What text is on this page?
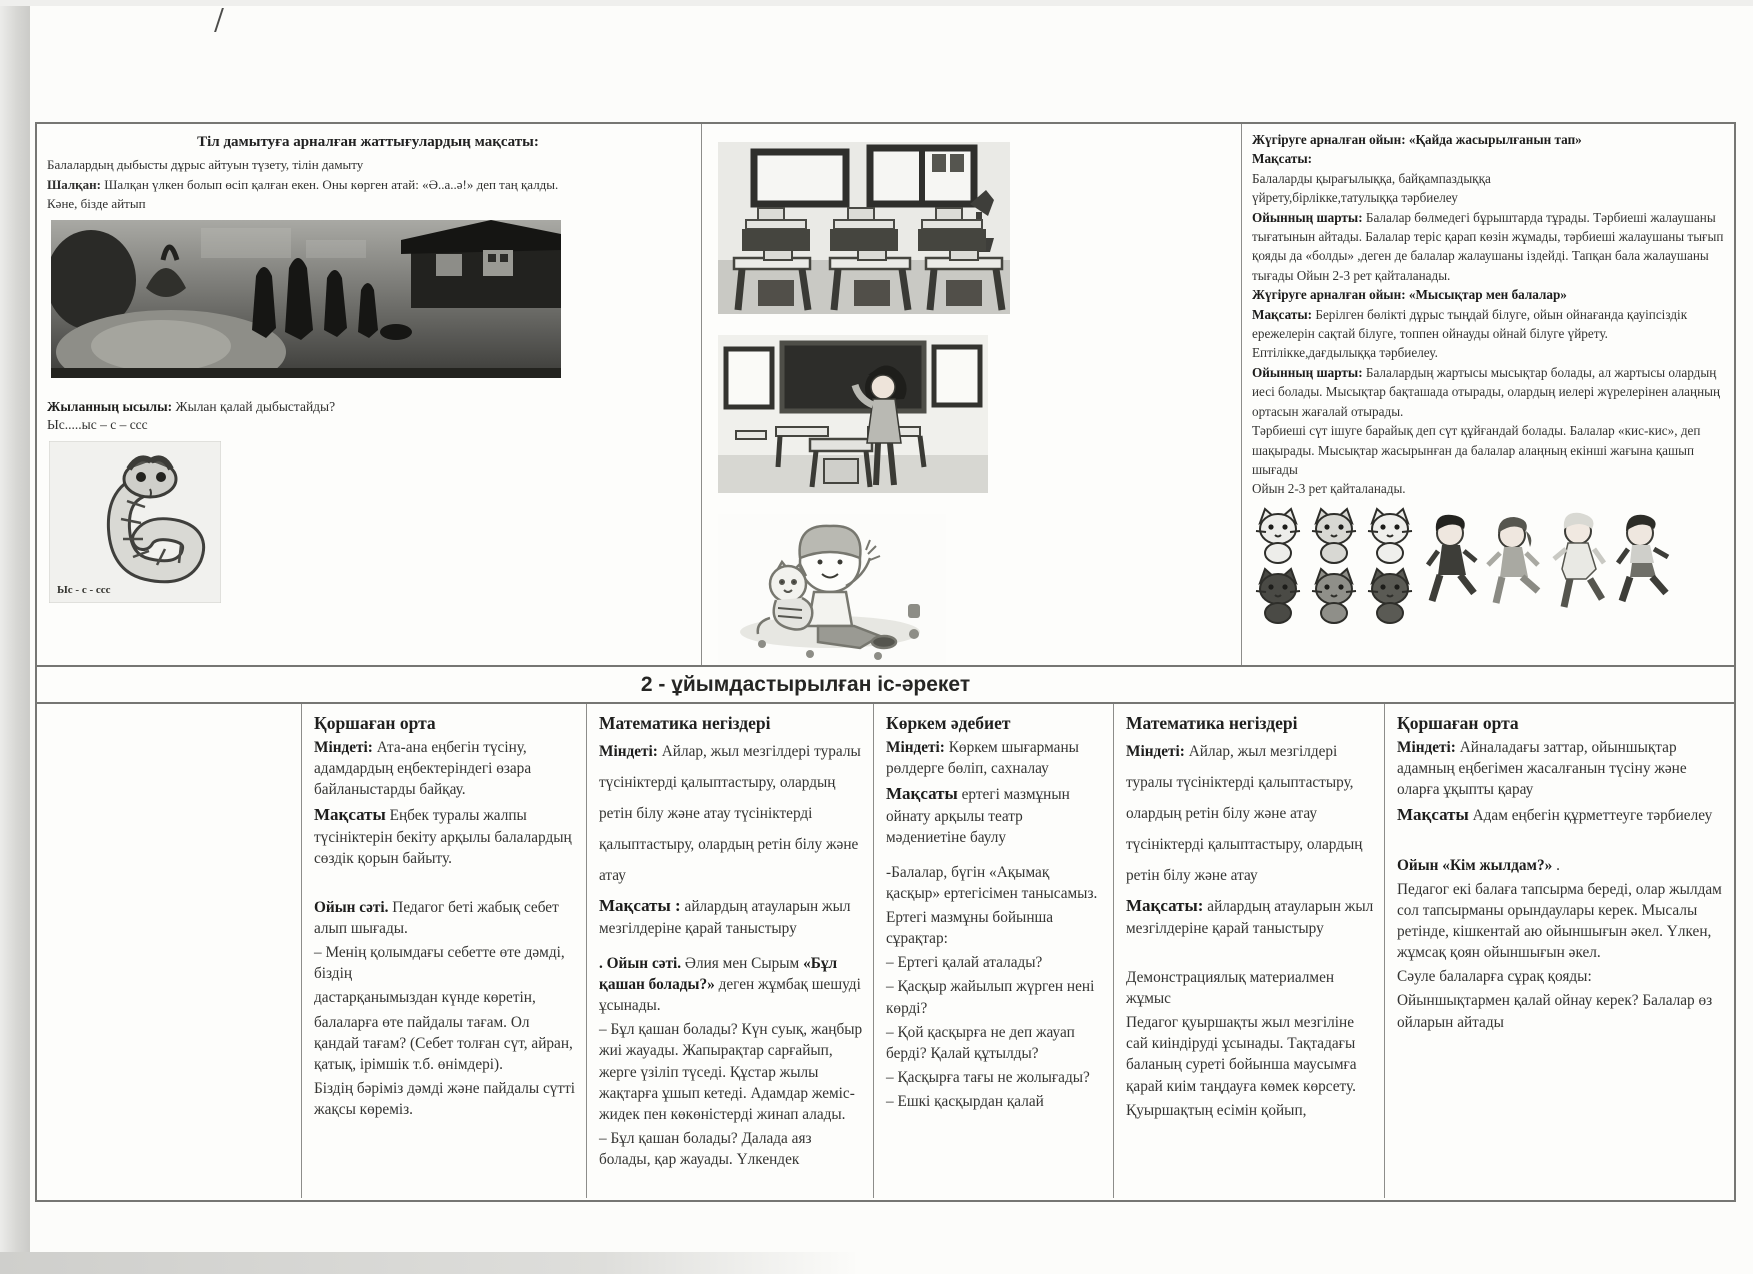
Тіл дамытуға арналған жаттығулардың мақсаты:

Балалардың дыбысты дұрыс айтуын түзету, тілін дамыту

Шалқан: Шалқан үлкен болып өсіп қалған екен. Оны көрген атай: «Ә..а..ә!» деп таң қалды.

Кәне, бізде айтып

Жыланның ысылы: Жылан қалай дыбыстайды?

Ыс.....ыс – с – ссс

Ыс - с - ссс

Жүгіруге арналған ойын: «Қайда жасырылғанын тап»

Мақсаты:

Балаларды қырағылыққа, байқампаздыққа

үйрету,бірлікке,татулыққа тәрбиелеу

Ойынның шарты: Балалар бөлмедегі бұрыштарда тұрады. Тәрбиеші жалаушаны тығатынын айтады. Балалар теріс қарап көзін жұмады, тәрбиеші жалаушаны тығып қояды да «болды» ,деген де балалар жалаушаны іздейді. Тапқан бала жалаушаны тығады Ойын 2-3 рет қайталанады.

Жүгіруге арналған ойын: «Мысықтар мен балалар»

Мақсаты: Берілген бөлікті дұрыс тыңдай білуге, ойын ойнағанда қауіпсіздік ережелерін сақтай білуге, топпен ойнауды ойнай білуге үйрету. Ептілікке,дағдылыққа тәрбиелеу.

Ойынның шарты: Балалардың жартысы мысықтар болады, ал жартысы олардың иесі болады. Мысықтар бақташада отырады, олардың иелері жүрелерінен алаңның ортасын жағалай отырады.

Тәрбиеші сүт ішуге барайық деп сүт құйғандай болады. Балалар «кис-кис», деп шақырады. Мысықтар жасырынған да балалар алаңның екінші жағына қашып шығады

Ойын 2-3 рет қайталанады.

2 - ұйымдастырылған іс-әрекет
Қоршаған орта

Міндеті: Ата-ана еңбегін түсіну, адамдардың еңбектеріндегі өзара байланыстарды байқау.

Мақсаты Еңбек туралы жалпы түсініктерін бекіту арқылы балалардың сөздік қорын байыту.

Ойын сәті. Педагог беті жабық себет алып шығады.

– Менің қолымдағы себетте өте дәмді, біздің

дастарқанымыздан күнде көретін,

балаларға өте пайдалы тағам. Ол қандай тағам? (Себет толған сүт, айран, қатық, ірімшік т.б. өнімдері).

Біздің бәріміз дәмді және пайдалы сүтті жақсы көреміз.

Математика негіздері

Міндеті: Айлар, жыл мезгілдері туралы түсініктерді қалыптастыру, олардың ретін білу және атау түсініктерді қалыптастыру, олардың ретін білу және атау

Мақсаты : айлардың атауларын жыл мезгілдеріне қарай таныстыру

. Ойын сәті. Әлия мен Сырым «Бұл қашан болады?» деген жұмбақ шешуді ұсынады.

– Бұл қашан болады? Күн суық, жаңбыр жиі жауады. Жапырақтар сарғайып, жерге үзіліп түседі. Құстар жылы жақтарға ұшып кетеді. Адамдар жеміс-жидек пен көкөністерді жинап алады.

– Бұл қашан болады? Далада аяз болады, қар жауады. Үлкендек

Көркем әдебиет

Міндеті: Көркем шығарманы рөлдерге бөліп, сахналау

Мақсаты ертегі мазмұнын ойнату арқылы театр мәдениетіне баулу

-Балалар, бүгін «Ақымақ қасқыр» ертегісімен танысамыз.

Ертегі мазмұны бойынша сұрақтар:

– Ертегі қалай аталады?

– Қасқыр жайылып жүрген нені көрді?

– Қой қасқырға не деп жауап берді? Қалай құтылды?

– Қасқырға тағы не жолығады?

– Ешкі қасқырдан қалай

Математика негіздері

Міндеті: Айлар, жыл мезгілдері туралы түсініктерді қалыптастыру, олардың ретін білу және атау түсініктерді қалыптастыру, олардың ретін білу және атау

Мақсаты: айлардың атауларын жыл мезгілдеріне қарай таныстыру

Демонстрациялық материалмен жұмыс

Педагог қуыршақты жыл мезгіліне сай киіндіруді ұсынады. Тақтадағы баланың суреті бойынша маусымға қарай киім таңдауға көмек көрсету.

Қуыршақтың есімін қойып,

Қоршаған орта

Міндеті: Айналадағы заттар, ойыншықтар адамның еңбегімен жасалғанын түсіну және оларға ұқыпты қарау

Мақсаты Адам еңбегін құрметтеуге тәрбиелеу

Ойын «Кім жылдам?» .

Педагог екі балаға тапсырма береді, олар жылдам сол тапсырманы орындаулары керек. Мысалы ретінде, кішкентай аю ойыншығын әкел. Үлкен, жұмсақ қоян ойыншығын әкел.

Сәуле балаларға сұрақ қояды:

Ойыншықтармен қалай ойнау керек? Балалар өз ойларын айтады
